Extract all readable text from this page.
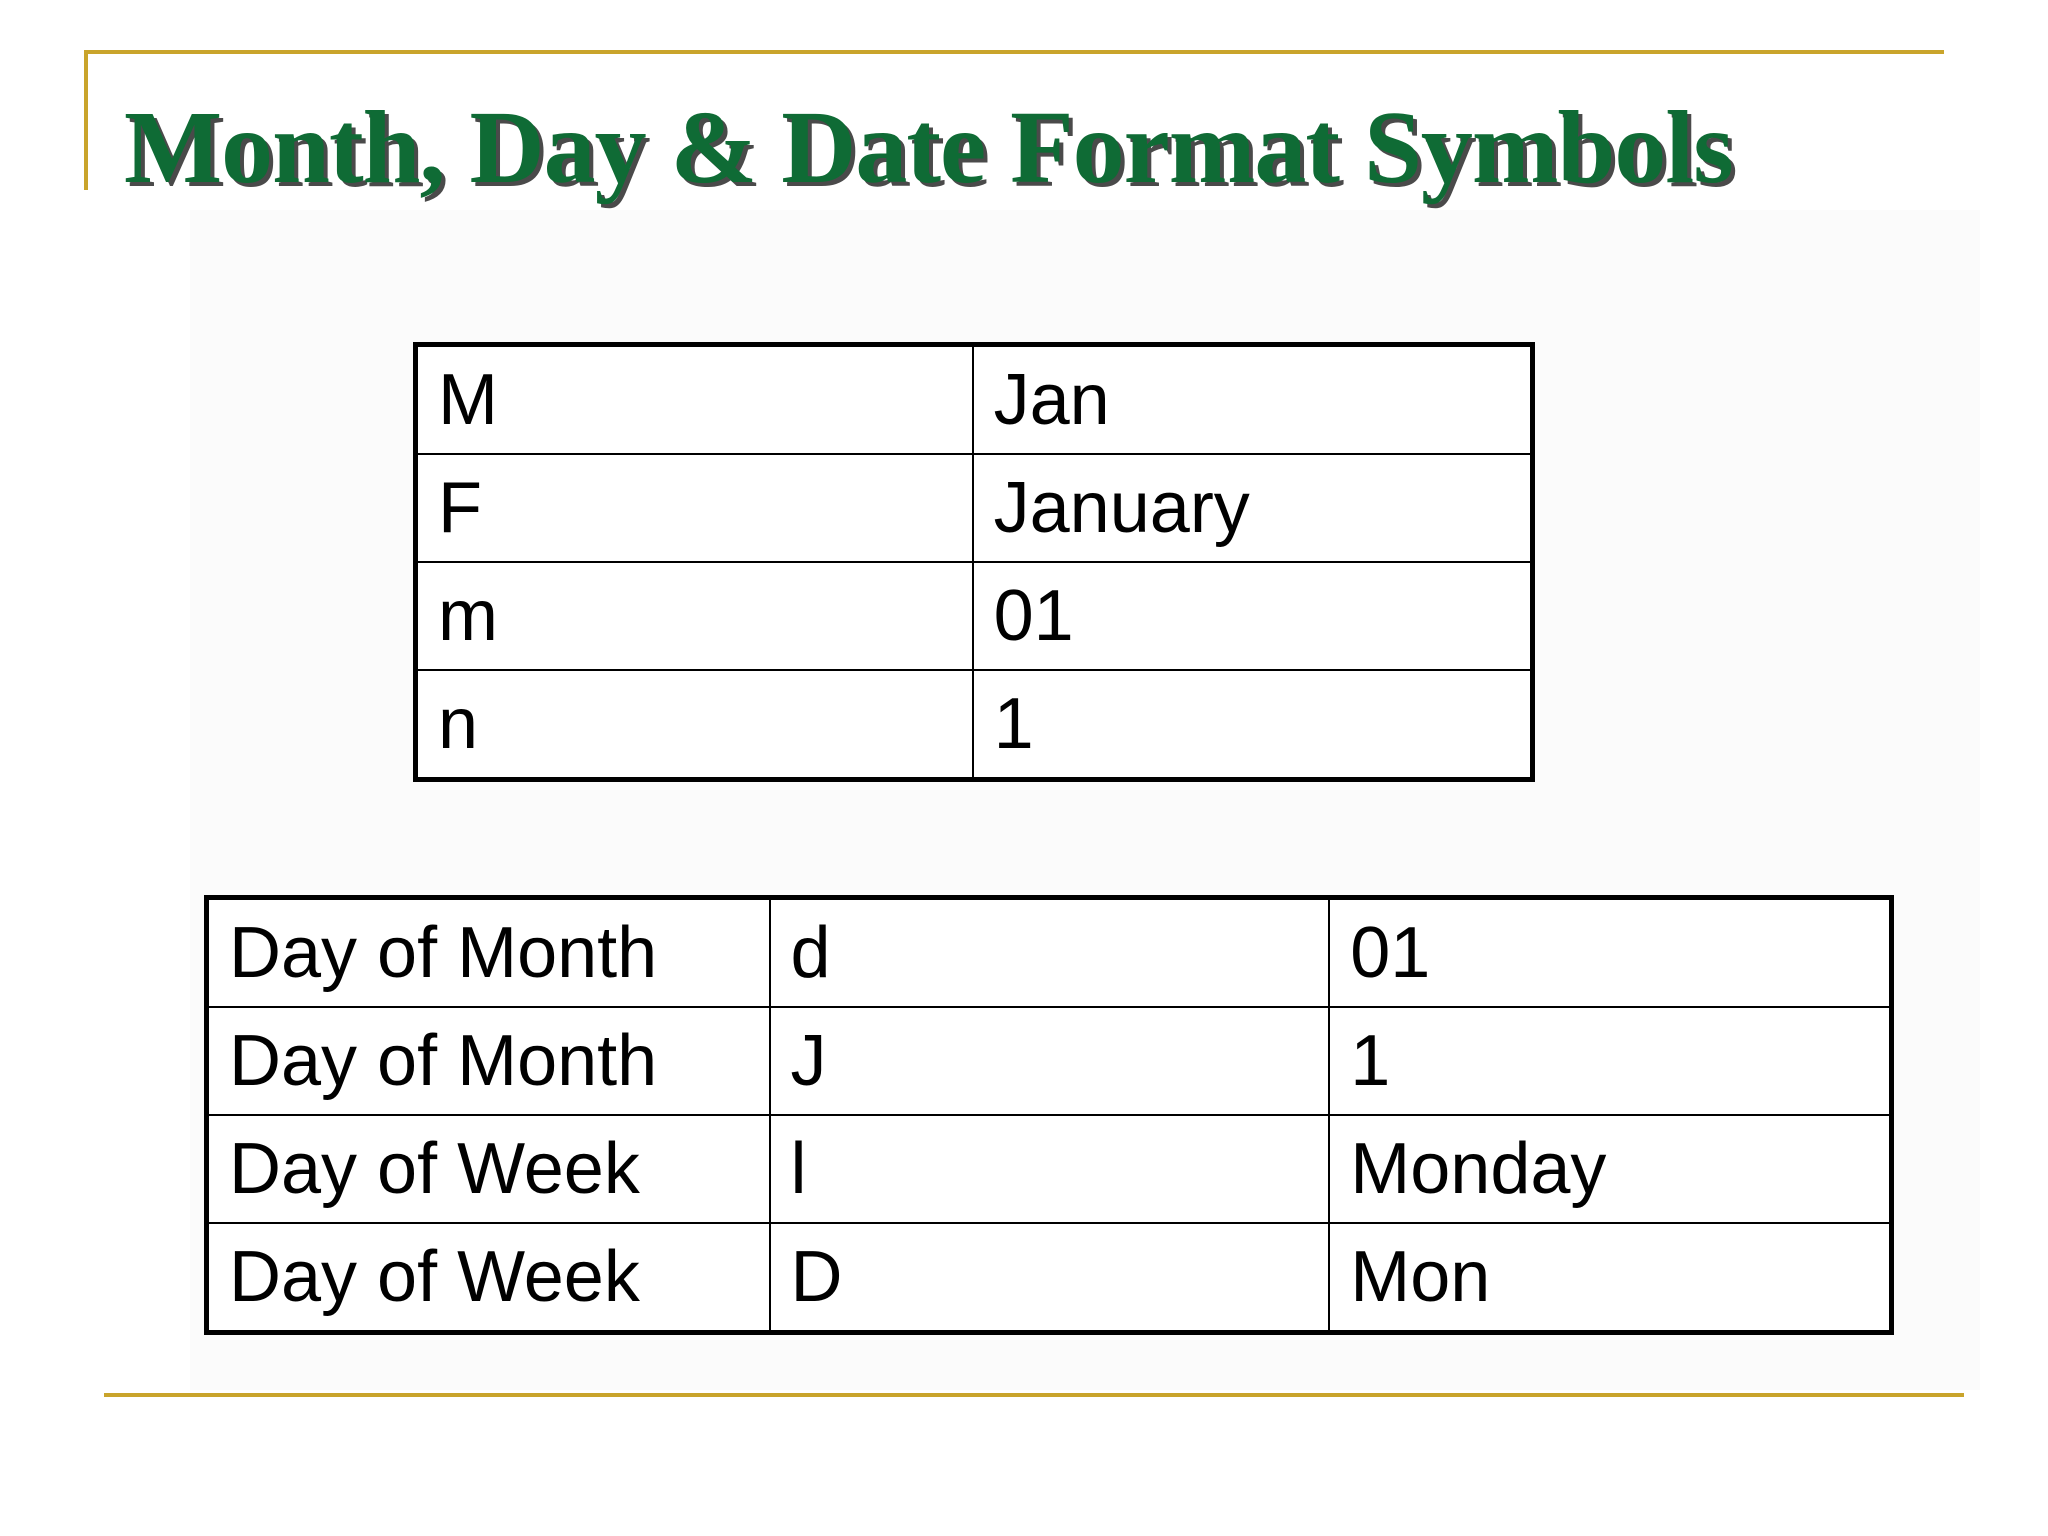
Month, Day & Date Format Symbols
M	Jan
F	January
m	01
n	1
Day of Month	d	01
Day of Month	J	1
Day of Week	l	Monday
Day of Week	D	Mon
